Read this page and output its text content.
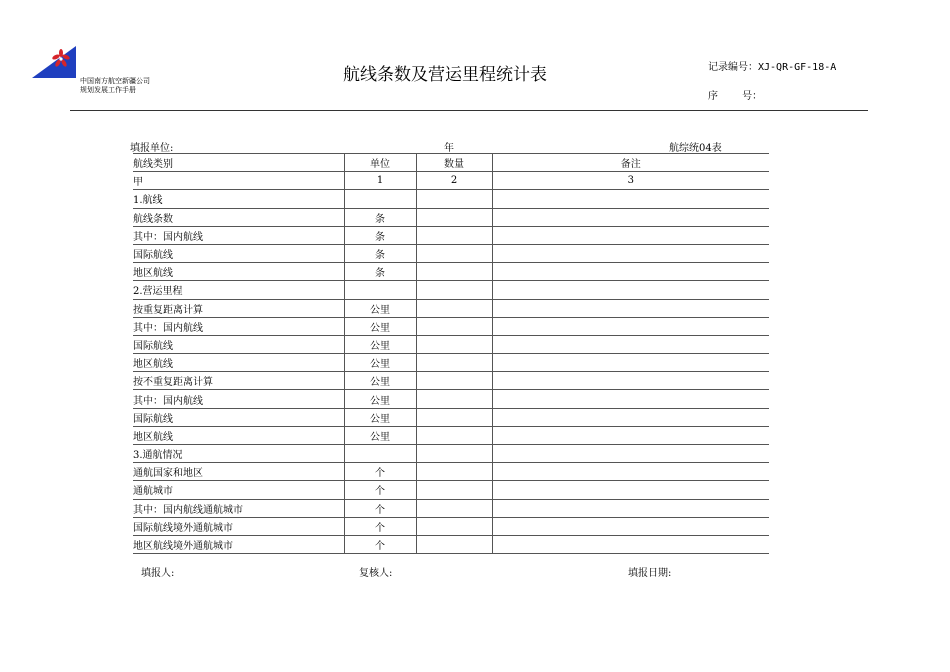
中国南方航空新疆公司
规划发展工作手册
航线条数及营运里程统计表	记录编号：XJ-QR-GF-18-A
序    号：
填报单位:	年	航综统04表
航线类别	单位	数量	备注
甲	1	2	3
1.航线			
航线条数	条		
其中：国内航线	条		
国际航线	条		
地区航线	条		
2.营运里程			
按重复距离计算	公里		
其中：国内航线	公里		
国际航线	公里		
地区航线	公里		
按不重复距离计算	公里		
其中：国内航线	公里		
国际航线	公里		
地区航线	公里		
3.通航情况			
通航国家和地区	个		
通航城市	个		
其中：国内航线通航城市	个		
国际航线境外通航城市	个		
地区航线境外通航城市	个		
填报人:	复核人:	填报日期:
